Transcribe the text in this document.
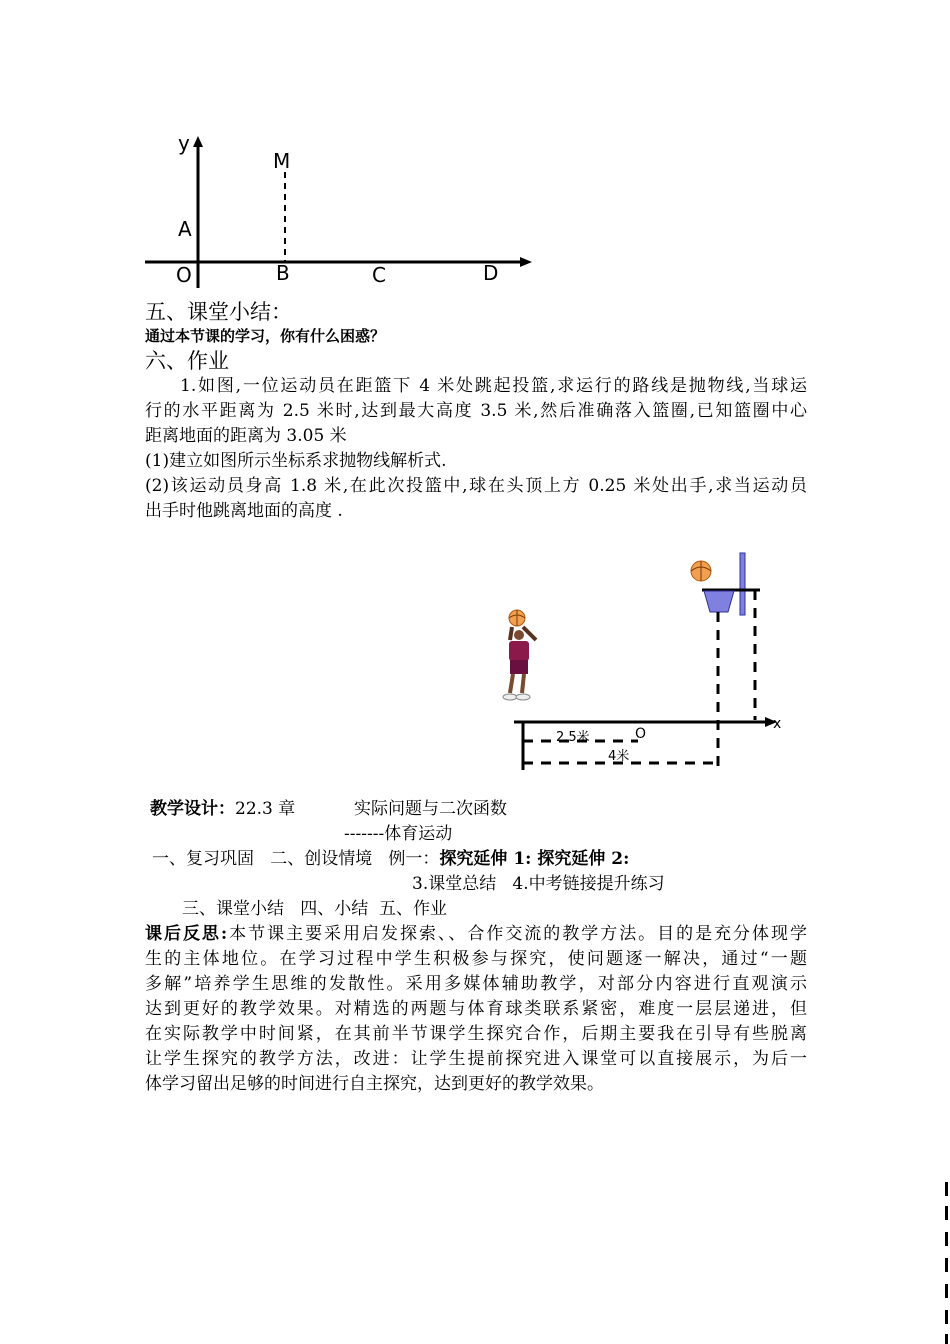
y
M
A
O	B	C	D
五、课堂小结：
通过本节课的学习，你有什么困惑？
六、作业
1.如图,一位运动员在距篮下 4 米处跳起投篮,求运行的路线是抛物线,当球运
行的水平距离为 2.5 米时,达到最大高度 3.5 米,然后准确落入篮圈,已知篮圈中心
距离地面的距离为 3.05 米
(1)建立如图所示坐标系求抛物线解析式.
(2)该运动员身高 1.8 米,在此次投篮中,球在头顶上方 0.25 米处出手,求当运动员
出手时他跳离地面的高度 .
x
O
2.5米
4米
教学设计：22.3 章	实际问题与二次函数
-------体育运动
一、复习巩固   二、创设情境   例一：探究延伸 1: 探究延伸 2:
3.课堂总结   4.中考链接提升练习
三、课堂小结   四、小结  五、作业
课后反思:本节课主要采用启发探索、、合作交流的教学方法。目的是充分体现学
生的主体地位。在学习过程中学生积极参与探究，使问题逐一解决，通过“一题
多解”培养学生思维的发散性。采用多媒体辅助教学，对部分内容进行直观演示
达到更好的教学效果。对精选的两题与体育球类联系紧密，难度一层层递进，但
在实际教学中时间紧，在其前半节课学生探究合作，后期主要我在引导有些脱离
让学生探究的教学方法，改进：让学生提前探究进入课堂可以直接展示，为后一
体学习留出足够的时间进行自主探究，达到更好的教学效果。
